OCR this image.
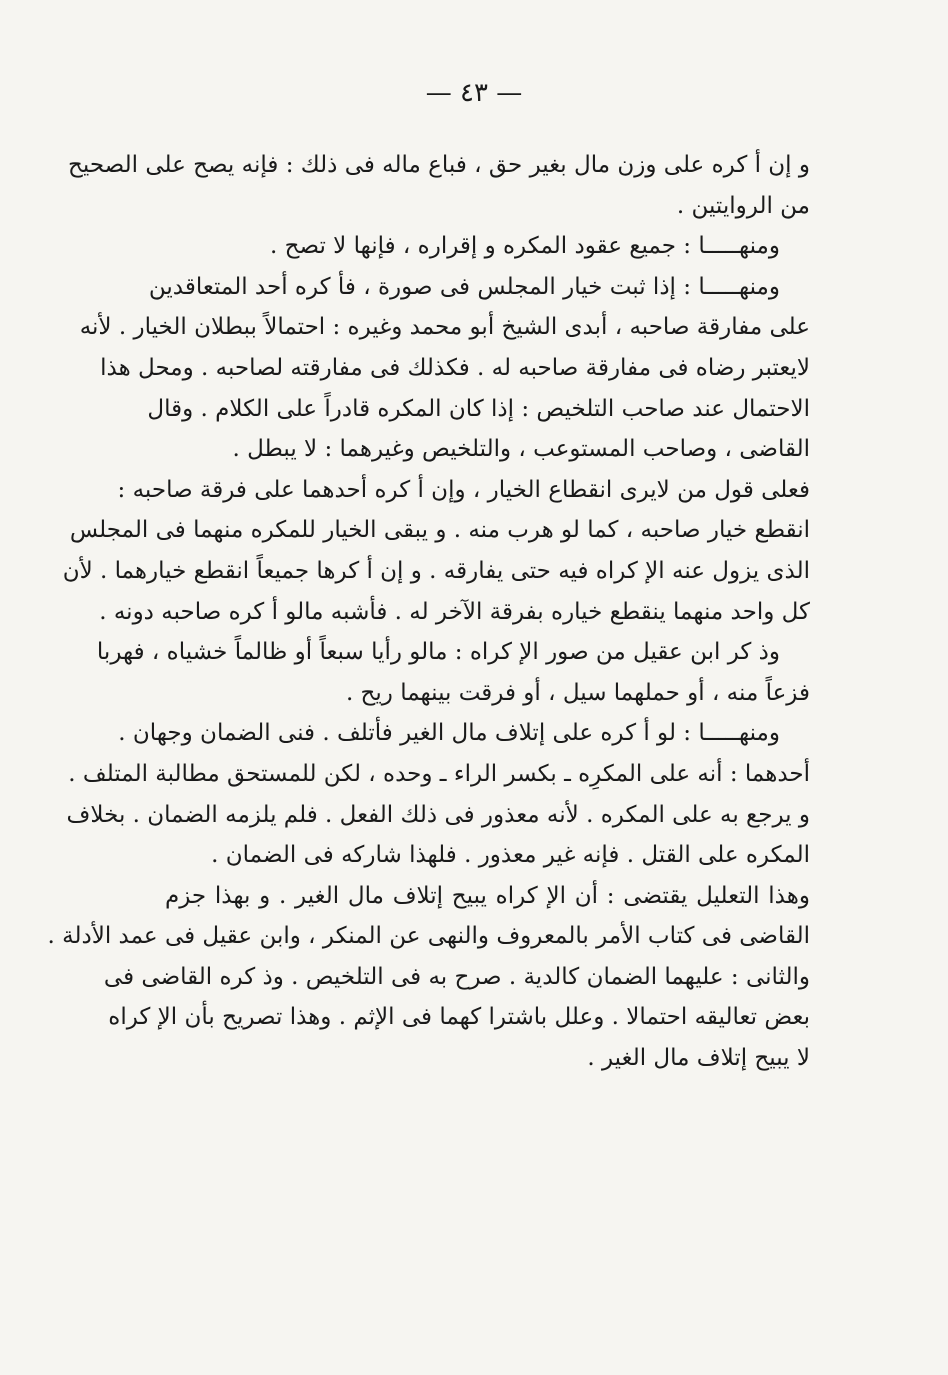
— ٤٣ —
و إن أ كره على وزن مال بغير حق ، فباع ماله فى ذلك : فإنه يصح على الصحيح
من الروايتين .
ومنهـــــا : جميع عقود المكره و إقراره ، فإنها لا تصح .
ومنهـــــا : إذا ثبت خيار المجلس فى صورة ، فأ كره أحد المتعاقدين
على مفارقة صاحبه ، أبدى الشيخ أبو محمد وغيره : احتمالاً ببطلان الخيار . لأنه
لايعتبر رضاه فى مفارقة صاحبه له . فكذلك فى مفارقته لصاحبه . ومحل هذا
الاحتمال عند صاحب التلخيص : إذا كان المكره قادراً على الكلام . وقال
القاضى ، وصاحب المستوعب ، والتلخيص وغيرهما : لا يبطل .
فعلى قول من لايرى انقطاع الخيار ، وإن أ كره أحدهما على فرقة صاحبه :
انقطع خيار صاحبه ، كما لو هرب منه . و يبقى الخيار للمكره منهما فى المجلس
الذى يزول عنه الإ كراه فيه حتى يفارقه . و إن أ كرها جميعاً انقطع خيارهما . لأن
كل واحد منهما ينقطع خياره بفرقة الآخر له . فأشبه مالو أ كره صاحبه دونه .
وذ كر ابن عقيل من صور الإ كراه : مالو رأيا سبعاً أو ظالماً خشياه ، فهربا
فزعاً منه ، أو حملهما سيل ، أو فرقت بينهما ريح .
ومنهـــــا : لو أ كره على إتلاف مال الغير فأتلف . فنى الضمان وجهان .
أحدهما : أنه على المكرِه ـ بكسر الراء ـ وحده ، لكن للمستحق مطالبة المتلف .
و يرجع به على المكره . لأنه معذور فى ذلك الفعل . فلم يلزمه الضمان . بخلاف
المكره على القتل . فإنه غير معذور . فلهذا شاركه فى الضمان .
وهذا التعليل يقتضى : أن الإ كراه يبيح إتلاف مال الغير . و بهذا جزم
القاضى فى كتاب الأمر بالمعروف والنهى عن المنكر ، وابن عقيل فى عمد الأدلة .
والثانى : عليهما الضمان كالدية . صرح به فى التلخيص . وذ كره القاضى فى
بعض تعاليقه احتمالا . وعلل باشترا كهما فى الإثم . وهذا تصريح بأن الإ كراه
لا يبيح إتلاف مال الغير .
